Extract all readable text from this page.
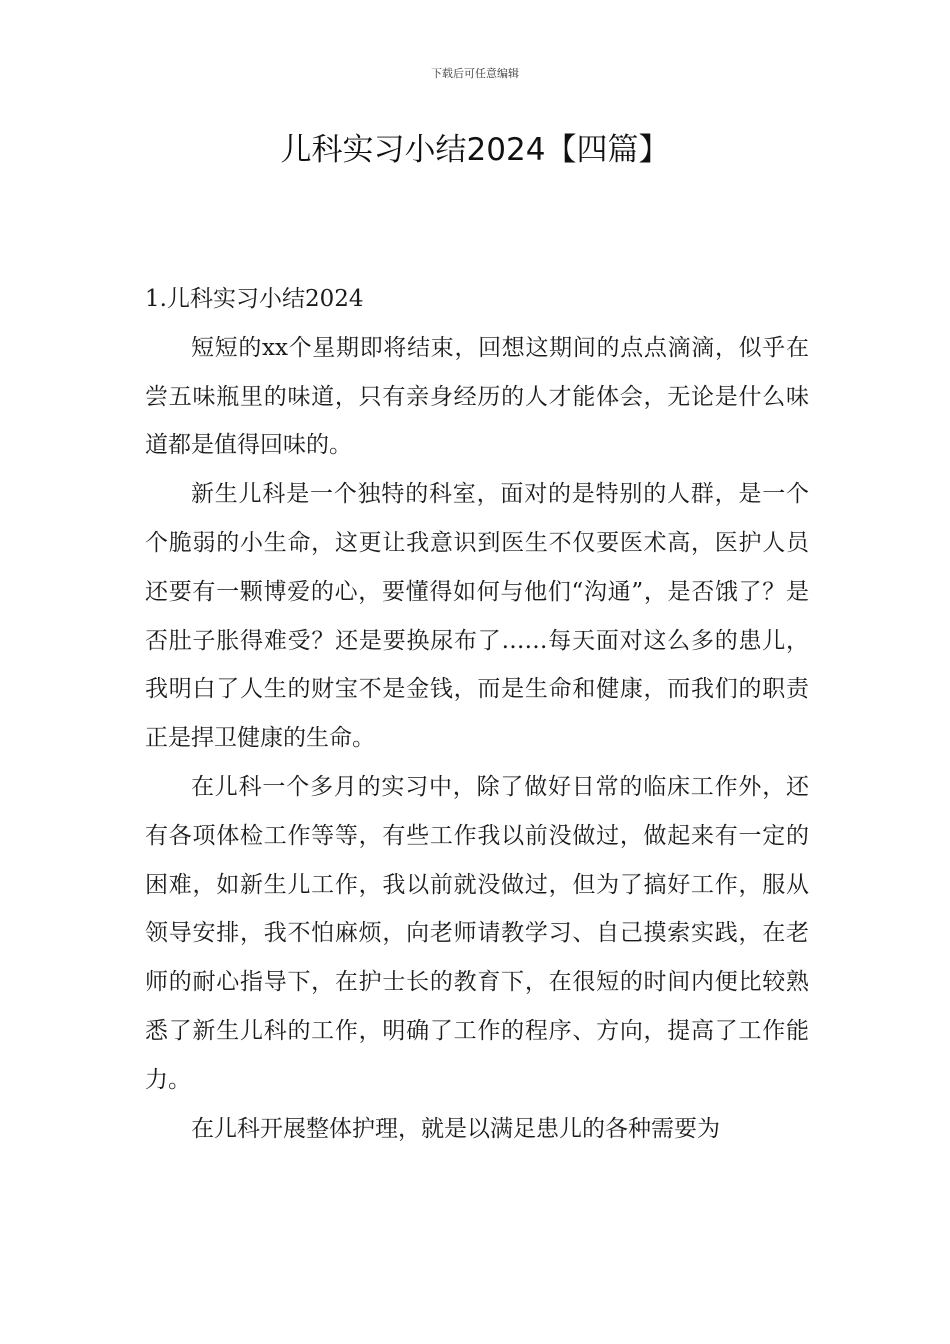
下载后可任意编辑
儿科实习小结2024【四篇】
1.儿科实习小结2024

短短的xx个星期即将结束，回想这期间的点点滴滴，似乎在尝五味瓶里的味道，只有亲身经历的人才能体会，无论是什么味道都是值得回味的。

新生儿科是一个独特的科室，面对的是特别的人群，是一个个脆弱的小生命，这更让我意识到医生不仅要医术高，医护人员还要有一颗博爱的心，要懂得如何与他们“沟通”，是否饿了？是否肚子胀得难受？还是要换尿布了……每天面对这么多的患儿，我明白了人生的财宝不是金钱，而是生命和健康，而我们的职责正是捍卫健康的生命。

在儿科一个多月的实习中，除了做好日常的临床工作外，还有各项体检工作等等，有些工作我以前没做过，做起来有一定的困难，如新生儿工作，我以前就没做过，但为了搞好工作，服从领导安排，我不怕麻烦，向老师请教学习、自己摸索实践，在老师的耐心指导下，在护士长的教育下，在很短的时间内便比较熟悉了新生儿科的工作，明确了工作的程序、方向，提高了工作能力。

在儿科开展整体护理，就是以满足患儿的各种需要为
